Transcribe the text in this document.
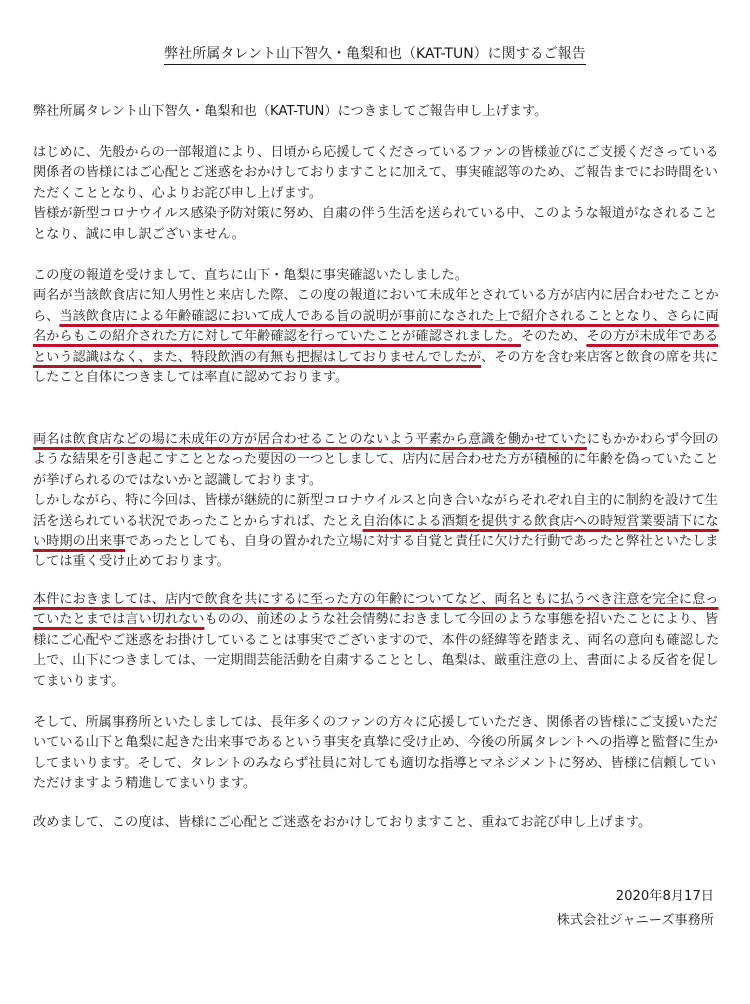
弊社所属タレント山下智久・亀梨和也（KAT-TUN）に関するご報告

弊社所属タレント山下智久・亀梨和也（KAT-TUN）につきましてご報告申し上げます。

はじめに、先般からの一部報道により、日頃から応援してくださっているファンの皆様並びにご支援くださっている関係者の皆様にはご心配とご迷惑をおかけしておりますことに加えて、事実確認等のため、ご報告までにお時間をいただくこととなり、心よりお詫び申し上げます。
皆様が新型コロナウイルス感染予防対策に努め、自粛の伴う生活を送られている中、このような報道がなされることとなり、誠に申し訳ございません。

この度の報道を受けまして、直ちに山下・亀梨に事実確認いたしました。
両名が当該飲食店に知人男性と来店した際、この度の報道において未成年とされている方が店内に居合わせたことから、当該飲食店による年齢確認において成人である旨の説明が事前になされた上で紹介されることとなり、さらに両名からもこの紹介された方に対して年齢確認を行っていたことが確認されました。そのため、その方が未成年であるという認識はなく、また、特段飲酒の有無も把握はしておりませんでしたが、その方を含む来店客と飲食の席を共にしたこと自体につきましては率直に認めております。

両名は飲食店などの場に未成年の方が居合わせることのないよう平素から意識を働かせていたにもかかわらず今回のような結果を引き起こすこととなった要因の一つとしまして、店内に居合わせた方が積極的に年齢を偽っていたことが挙げられるのではないかと認識しております。
しかしながら、特に今回は、皆様が継続的に新型コロナウイルスと向き合いながらそれぞれ自主的に制約を設けて生活を送られている状況であったことからすれば、たとえ自治体による酒類を提供する飲食店への時短営業要請下にない時期の出来事であったとしても、自身の置かれた立場に対する自覚と責任に欠けた行動であったと弊社といたしましては重く受け止めております。

本件におきましては、店内で飲食を共にするに至った方の年齢についてなど、両名ともに払うべき注意を完全に怠っていたとまでは言い切れないものの、前述のような社会情勢におきまして今回のような事態を招いたことにより、皆様にご心配やご迷惑をお掛けしていることは事実でございますので、本件の経緯等を踏まえ、両名の意向も確認した上で、山下につきましては、一定期間芸能活動を自粛することとし、亀梨は、厳重注意の上、書面による反省を促してまいります。

そして、所属事務所といたしましては、長年多くのファンの方々に応援していただき、関係者の皆様にご支援いただいている山下と亀梨に起きた出来事であるという事実を真摯に受け止め、今後の所属タレントへの指導と監督に生かしてまいります。そして、タレントのみならず社員に対しても適切な指導とマネジメントに努め、皆様に信頼していただけますよう精進してまいります。

改めまして、この度は、皆様にご心配とご迷惑をおかけしておりますこと、重ねてお詫び申し上げます。

2020年8月17日
株式会社ジャニーズ事務所
